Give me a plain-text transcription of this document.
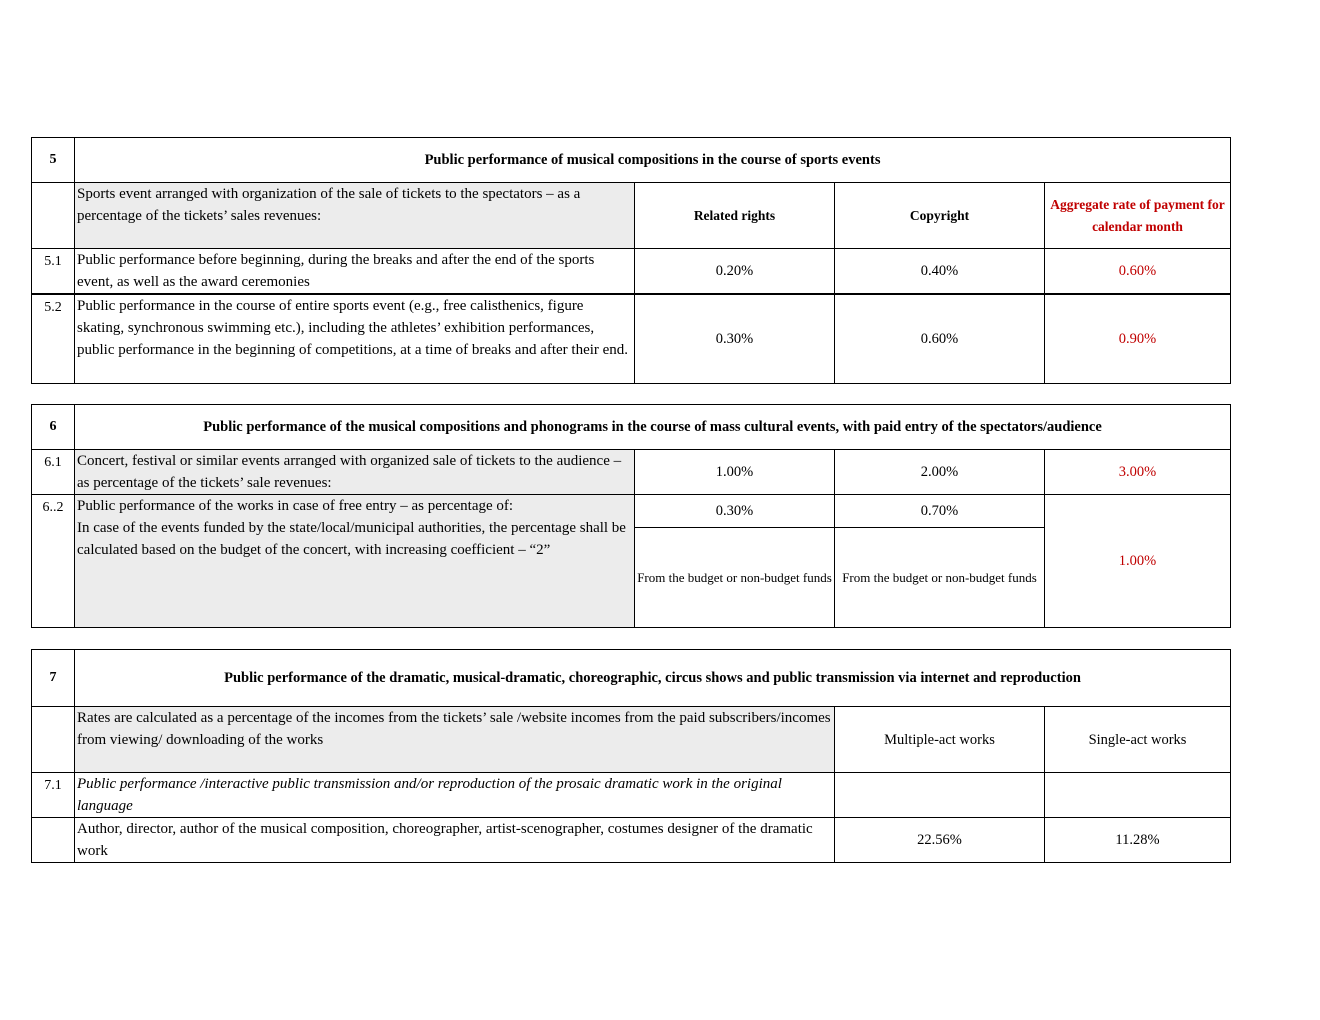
5	Public performance of musical compositions in the course of sports events			
	Sports event arranged with organization of the sale of tickets to the spectators – as a percentage of the tickets’ sales revenues:	Related rights	Copyright	Aggregate rate of payment for calendar month
5.1	Public performance before beginning, during the breaks and after the end of the sports event, as well as the award ceremonies	0.20%	0.40%	0.60%
5.2	Public performance in the course of entire sports event (e.g., free calisthenics, figure skating, synchronous swimming etc.), including the athletes’ exhibition performances, public performance in the beginning of competitions, at a time of breaks and after their end.	0.30%	0.60%	0.90%
6	Public performance of the musical compositions and phonograms in the course of mass cultural events, with paid entry of the spectators/audience			
6.1	Concert, festival or similar events arranged with organized sale of tickets to the audience – as percentage of the tickets’ sale revenues:	1.00%	2.00%	3.00%
6..2	Public performance of the works in case of free entry – as percentage of:
In case of the events funded by the state/local/municipal authorities, the percentage shall be calculated based on the budget of the concert, with increasing coefficient – “2”	0.30%	0.70%	1.00%
		From the budget or non-budget funds	From the budget or non-budget funds	
7	Public performance of the dramatic, musical-dramatic, choreographic, circus shows and public transmission via internet and reproduction		
	Rates are calculated as a percentage of the incomes from the tickets’ sale /website incomes from the paid subscribers/incomes from viewing/ downloading of the works	Multiple-act works	Single-act works
7.1	Public performance /interactive public transmission and/or reproduction of the prosaic dramatic work in the original language		
	Author, director, author of the musical composition, choreographer, artist-scenographer, costumes designer of the dramatic work	22.56%	11.28%
